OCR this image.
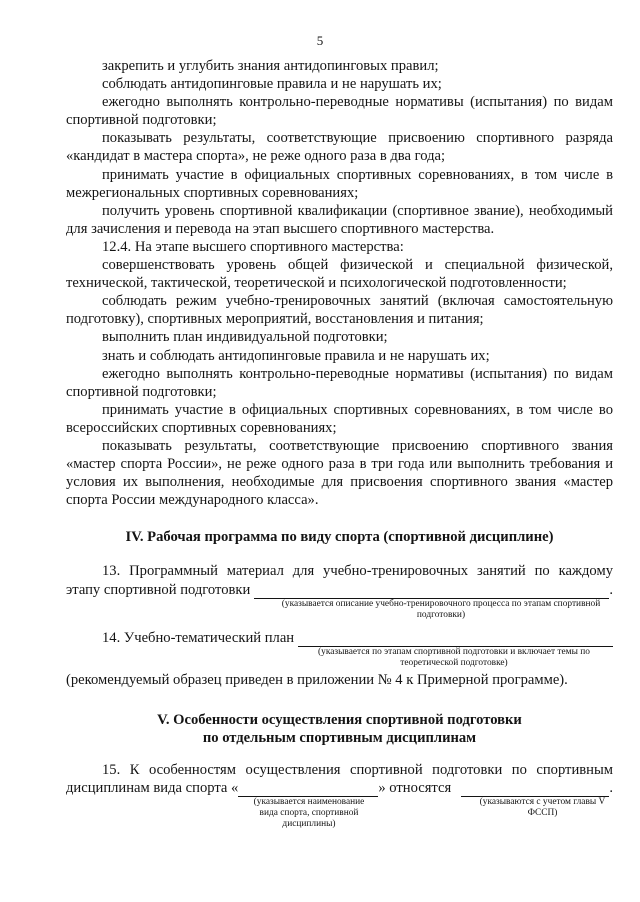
5

закрепить и углубить знания антидопинговых правил;

соблюдать антидопинговые правила и не нарушать их;

ежегодно выполнять контрольно-переводные нормативы (испытания) по видам спортивной подготовки;

показывать результаты, соответствующие присвоению спортивного разряда «кандидат в мастера спорта», не реже одного раза в два года;

принимать участие в официальных спортивных соревнованиях, в том числе в межрегиональных спортивных соревнованиях;

получить уровень спортивной квалификации (спортивное звание), необходимый для зачисления и перевода на этап высшего спортивного мастерства.

12.4. На этапе высшего спортивного мастерства:

совершенствовать уровень общей физической и специальной физической, технической, тактической, теоретической и психологической подготовленности;

соблюдать режим учебно-тренировочных занятий (включая самостоятельную подготовку), спортивных мероприятий, восстановления и питания;

выполнить план индивидуальной подготовки;

знать и соблюдать антидопинговые правила и не нарушать их;

ежегодно выполнять контрольно-переводные нормативы (испытания) по видам спортивной подготовки;

принимать участие в официальных спортивных соревнованиях, в том числе во всероссийских спортивных соревнованиях;

показывать результаты, соответствующие присвоению спортивного звания «мастер спорта России», не реже одного раза в три года или выполнить требования и условия их выполнения, необходимые для присвоения спортивного звания «мастер спорта России международного класса».

IV. Рабочая программа по виду спорта (спортивной дисциплине)

13. Программный материал для учебно-тренировочных занятий по каждому

этапу спортивной подготовки	.
(указывается описание учебно-тренировочного процесса по этапам спортивной подготовки)
14. Учебно-тематический план
(указывается по этапам спортивной подготовки и включает темы по теоретической подготовке)

(рекомендуемый образец приведен в приложении № 4 к Примерной программе).

V. Особенности осуществления спортивной подготовки
по отдельным спортивным дисциплинам

15. К особенностям осуществления спортивной подготовки по спортивным

дисциплинам вида спорта «	» относятся	.
(указывается наименование вида спорта, спортивной дисциплины)
(указываются с учетом главы V ФССП)
